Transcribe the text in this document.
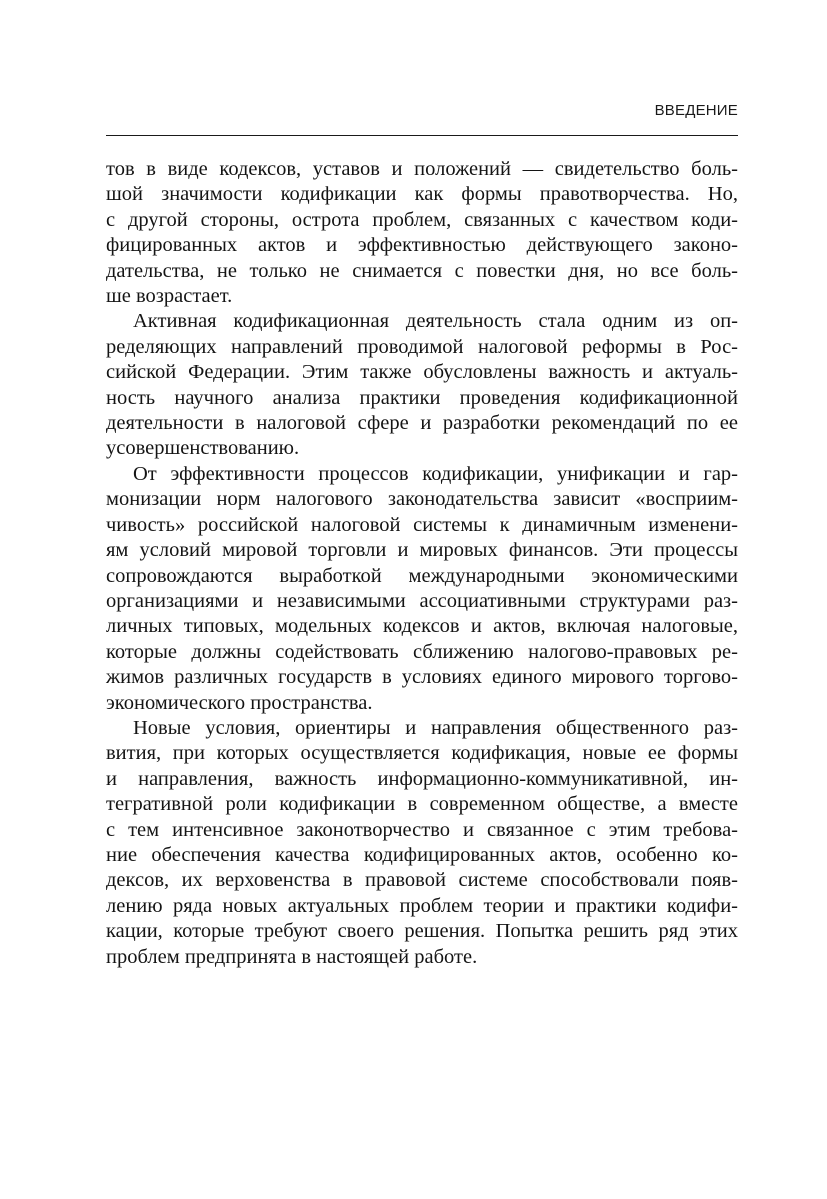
ВВЕДЕНИЕ
тов в виде кодексов, уставов и положений — свидетельство боль-
шой значимости кодификации как формы правотворчества. Но,
с другой стороны, острота проблем, связанных с качеством коди-
фицированных актов и эффективностью действующего законо-
дательства, не только не снимается с повестки дня, но все боль-
ше возрастает.
Активная кодификационная деятельность стала одним из оп-
ределяющих направлений проводимой налоговой реформы в Рос-
сийской Федерации. Этим также обусловлены важность и актуаль-
ность научного анализа практики проведения кодификационной
деятельности в налоговой сфере и разработки рекомендаций по ее
усовершенствованию.
От эффективности процессов кодификации, унификации и гар-
монизации норм налогового законодательства зависит «восприим-
чивость» российской налоговой системы к динамичным изменени-
ям условий мировой торговли и мировых финансов. Эти процессы
сопровождаются выработкой международными экономическими
организациями и независимыми ассоциативными структурами раз-
личных типовых, модельных кодексов и актов, включая налоговые,
которые должны содействовать сближению налогово-правовых ре-
жимов различных государств в условиях единого мирового торгово-
экономического пространства.
Новые условия, ориентиры и направления общественного раз-
вития, при которых осуществляется кодификация, новые ее формы
и направления, важность информационно-коммуникативной, ин-
тегративной роли кодификации в современном обществе, а вместе
с тем интенсивное законотворчество и связанное с этим требова-
ние обеспечения качества кодифицированных актов, особенно ко-
дексов, их верховенства в правовой системе способствовали появ-
лению ряда новых актуальных проблем теории и практики кодифи-
кации, которые требуют своего решения. Попытка решить ряд этих
проблем предпринята в настоящей работе.
